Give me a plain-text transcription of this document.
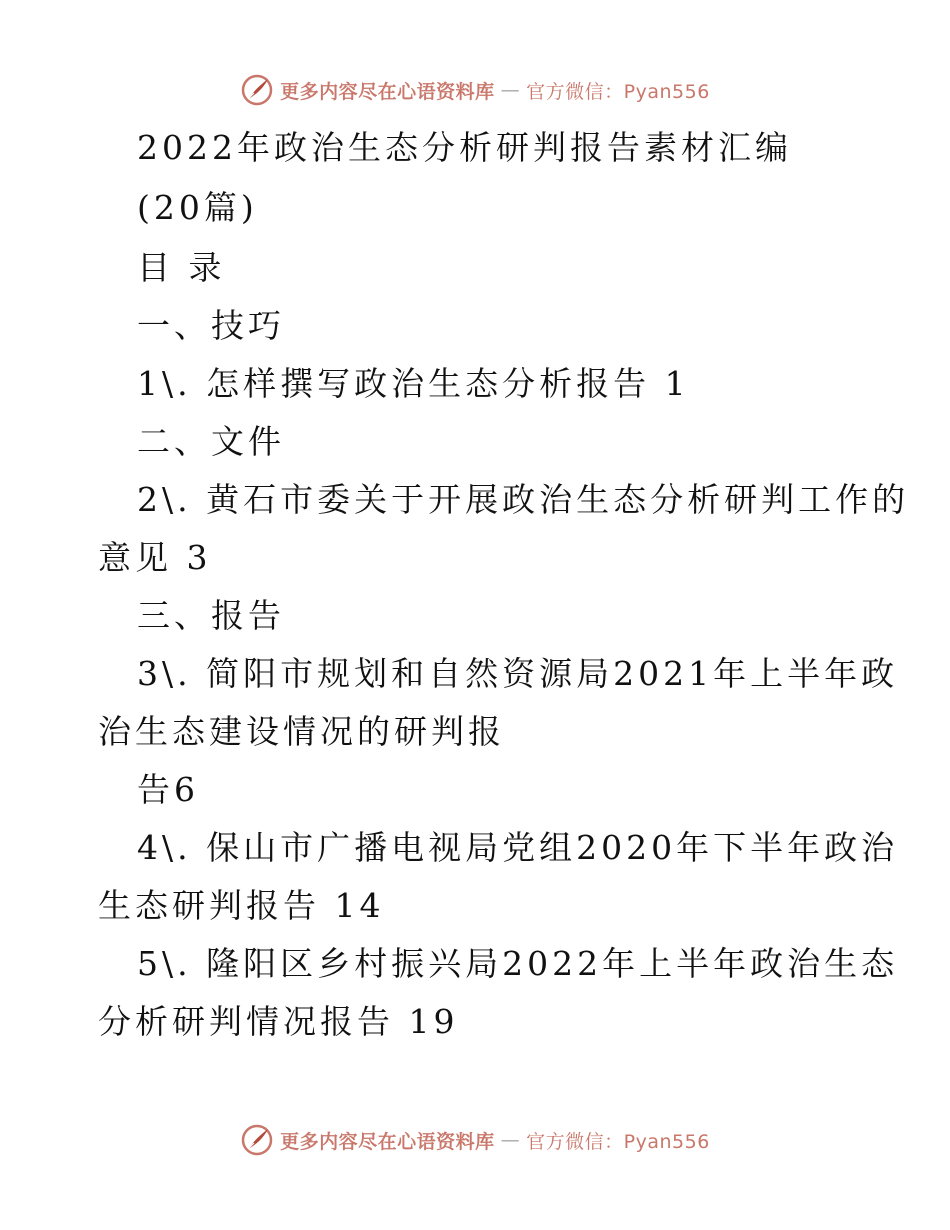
更多内容尽在心语资料库 — 官方微信：Pyan556
2022年政治生态分析研判报告素材汇编
(20篇)
目 录
一、技巧
1\. 怎样撰写政治生态分析报告 1
二、文件
2\. 黄石市委关于开展政治生态分析研判工作的
意见 3
三、报告
3\. 简阳市规划和自然资源局2021年上半年政
治生态建设情况的研判报
告6
4\. 保山市广播电视局党组2020年下半年政治
生态研判报告 14
5\. 隆阳区乡村振兴局2022年上半年政治生态
分析研判情况报告 19
更多内容尽在心语资料库 — 官方微信：Pyan556
